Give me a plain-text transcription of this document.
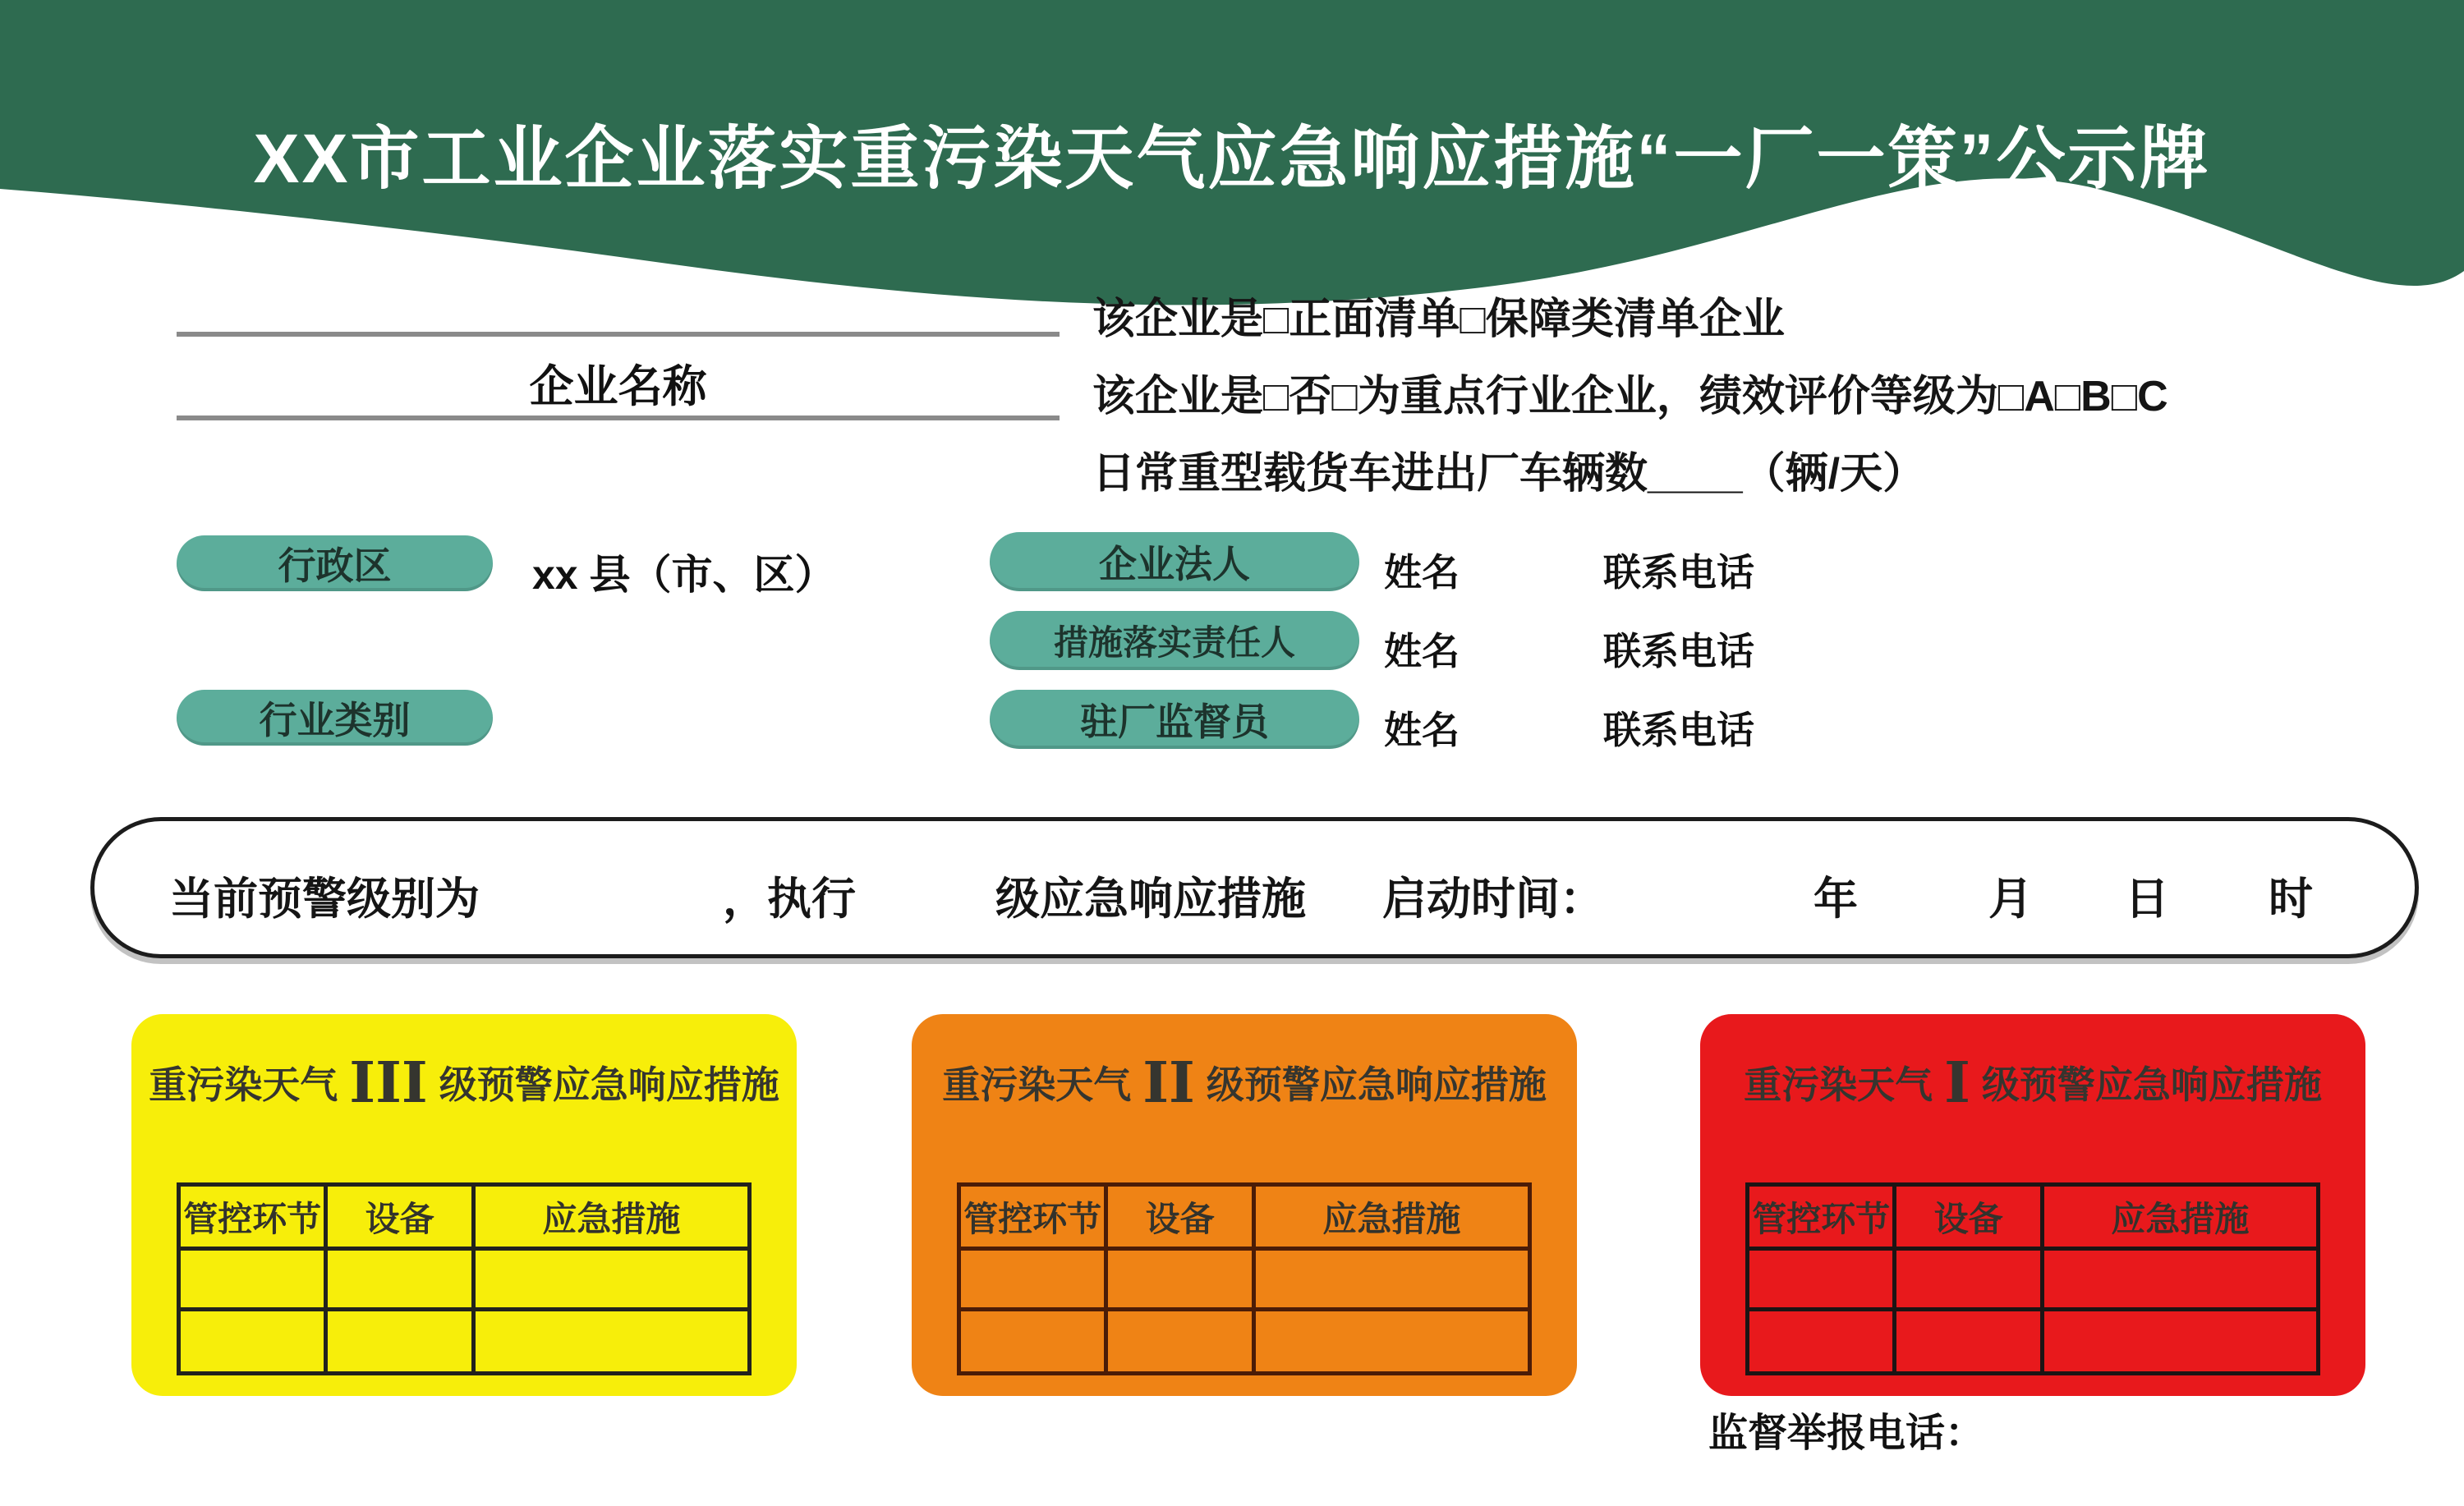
XX市工业企业落实重污染天气应急响应措施“一厂一策”公示牌
企业名称
该企业是□正面清单□保障类清单企业
该企业是□否□为重点行业企业，绩效评价等级为□A□B□C
日常重型载货车进出厂车辆数____（辆/天）
行政区	xx 县（市、区）
行业类别
企业法人	姓名	联系电话
措施落实责任人	姓名	联系电话
驻厂监督员	姓名	联系电话
当前预警级别为	，执行	级应急响应措施 启动时间：	年	月 日 时
重污染天气 III 级预警应急响应措施
管控环节	设备	应急措施
重污染天气 II 级预警应急响应措施
管控环节	设备	应急措施
重污染天气 I 级预警应急响应措施
管控环节	设备	应急措施
监督举报电话：
